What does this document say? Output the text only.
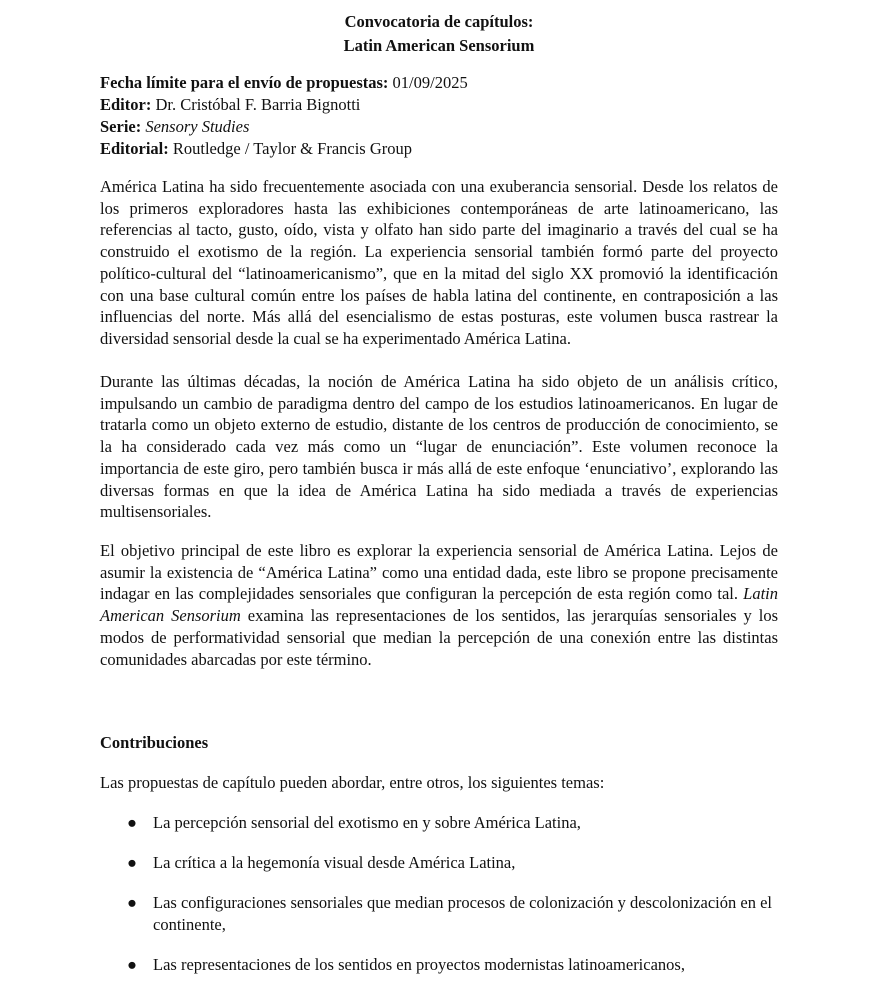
Convocatoria de capítulos:
Latin American Sensorium
Fecha límite para el envío de propuestas: 01/09/2025
Editor: Dr. Cristóbal F. Barria Bignotti
Serie: Sensory Studies
Editorial: Routledge / Taylor & Francis Group

América Latina ha sido frecuentemente asociada con una exuberancia sensorial. Desde los relatos de los primeros exploradores hasta las exhibiciones contemporáneas de arte latinoamericano, las referencias al tacto, gusto, oído, vista y olfato han sido parte del imaginario a través del cual se ha construido el exotismo de la región. La experiencia sensorial también formó parte del proyecto político-cultural del “latinoamericanismo”, que en la mitad del siglo XX promovió la identificación con una base cultural común entre los países de habla latina del continente, en contraposición a las influencias del norte. Más allá del esencialismo de estas posturas, este volumen busca rastrear la diversidad sensorial desde la cual se ha experimentado América Latina.

Durante las últimas décadas, la noción de América Latina ha sido objeto de un análisis crítico, impulsando un cambio de paradigma dentro del campo de los estudios latinoamericanos. En lugar de tratarla como un objeto externo de estudio, distante de los centros de producción de conocimiento, se la ha considerado cada vez más como un “lugar de enunciación”. Este volumen reconoce la importancia de este giro, pero también busca ir más allá de este enfoque ‘enunciativo’, explorando las diversas formas en que la idea de América Latina ha sido mediada a través de experiencias multisensoriales.

El objetivo principal de este libro es explorar la experiencia sensorial de América Latina. Lejos de asumir la existencia de “América Latina” como una entidad dada, este libro se propone precisamente indagar en las complejidades sensoriales que configuran la percepción de esta región como tal. Latin American Sensorium examina las representaciones de los sentidos, las jerarquías sensoriales y los modos de performatividad sensorial que median la percepción de una conexión entre las distintas comunidades abarcadas por este término.

Contribuciones
Las propuestas de capítulo pueden abordar, entre otros, los siguientes temas:
● La percepción sensorial del exotismo en y sobre América Latina,
● La crítica a la hegemonía visual desde América Latina,
● Las configuraciones sensoriales que median procesos de colonización y descolonización en el continente,
● Las representaciones de los sentidos en proyectos modernistas latinoamericanos,
